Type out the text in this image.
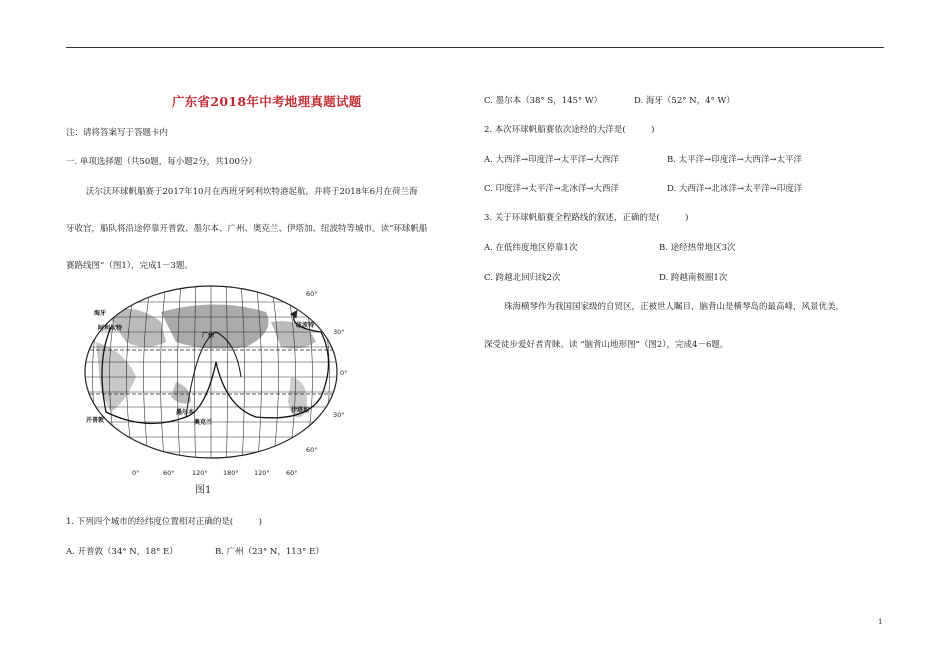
广东省2018年中考地理真题试题
注：请将答案写于答题卡内
一. 单项选择题（共50题，每小题2分，共100分）
沃尔沃环球帆船赛于2017年10月在西班牙阿利坎特港起航，并将于2018年6月在荷兰海
牙收官，船队将沿途停靠开普敦、墨尔本、广州、奥克兰、伊塔加、纽波特等城市。读“环球帆船
赛路线图”（图1），完成1－3题。
海牙
阿利坎特
开普敦
墨尔本
奥克兰
伊塔加
纽波特
广州
60°
30°
0°
30°
60°
0°	60°	120° 180° 120°	60°
图1
1. 下列四个城市的经纬度位置相对正确的是(　　　)
A. 开普敦（34° N，18° E）	B. 广州（23° N，113° E）
C. 墨尔本（38° S，145° W）	D. 海牙（52° N，4° W）
2. 本次环球帆船赛依次途经的大洋是(　　　)
A. 大西洋→印度洋→太平洋→大西洋	B. 太平洋→印度洋→大西洋→太平洋
C. 印度洋→太平洋→北冰洋→大西洋	D. 大西洋→北冰洋→太平洋→印度洋
3. 关于环球帆船赛全程路线的叙述，正确的是(　　　)
A. 在低纬度地区停靠1次	B. 途经热带地区3次
C. 跨越北回归线2次	D. 跨越南极圈1次
珠海横琴作为我国国家级的自贸区，正被世人瞩目，脑背山是横琴岛的最高峰，风景优美，
深受徒步爱好者青睐。读 “脑背山地形图”（图2），完成4－6题。
1
